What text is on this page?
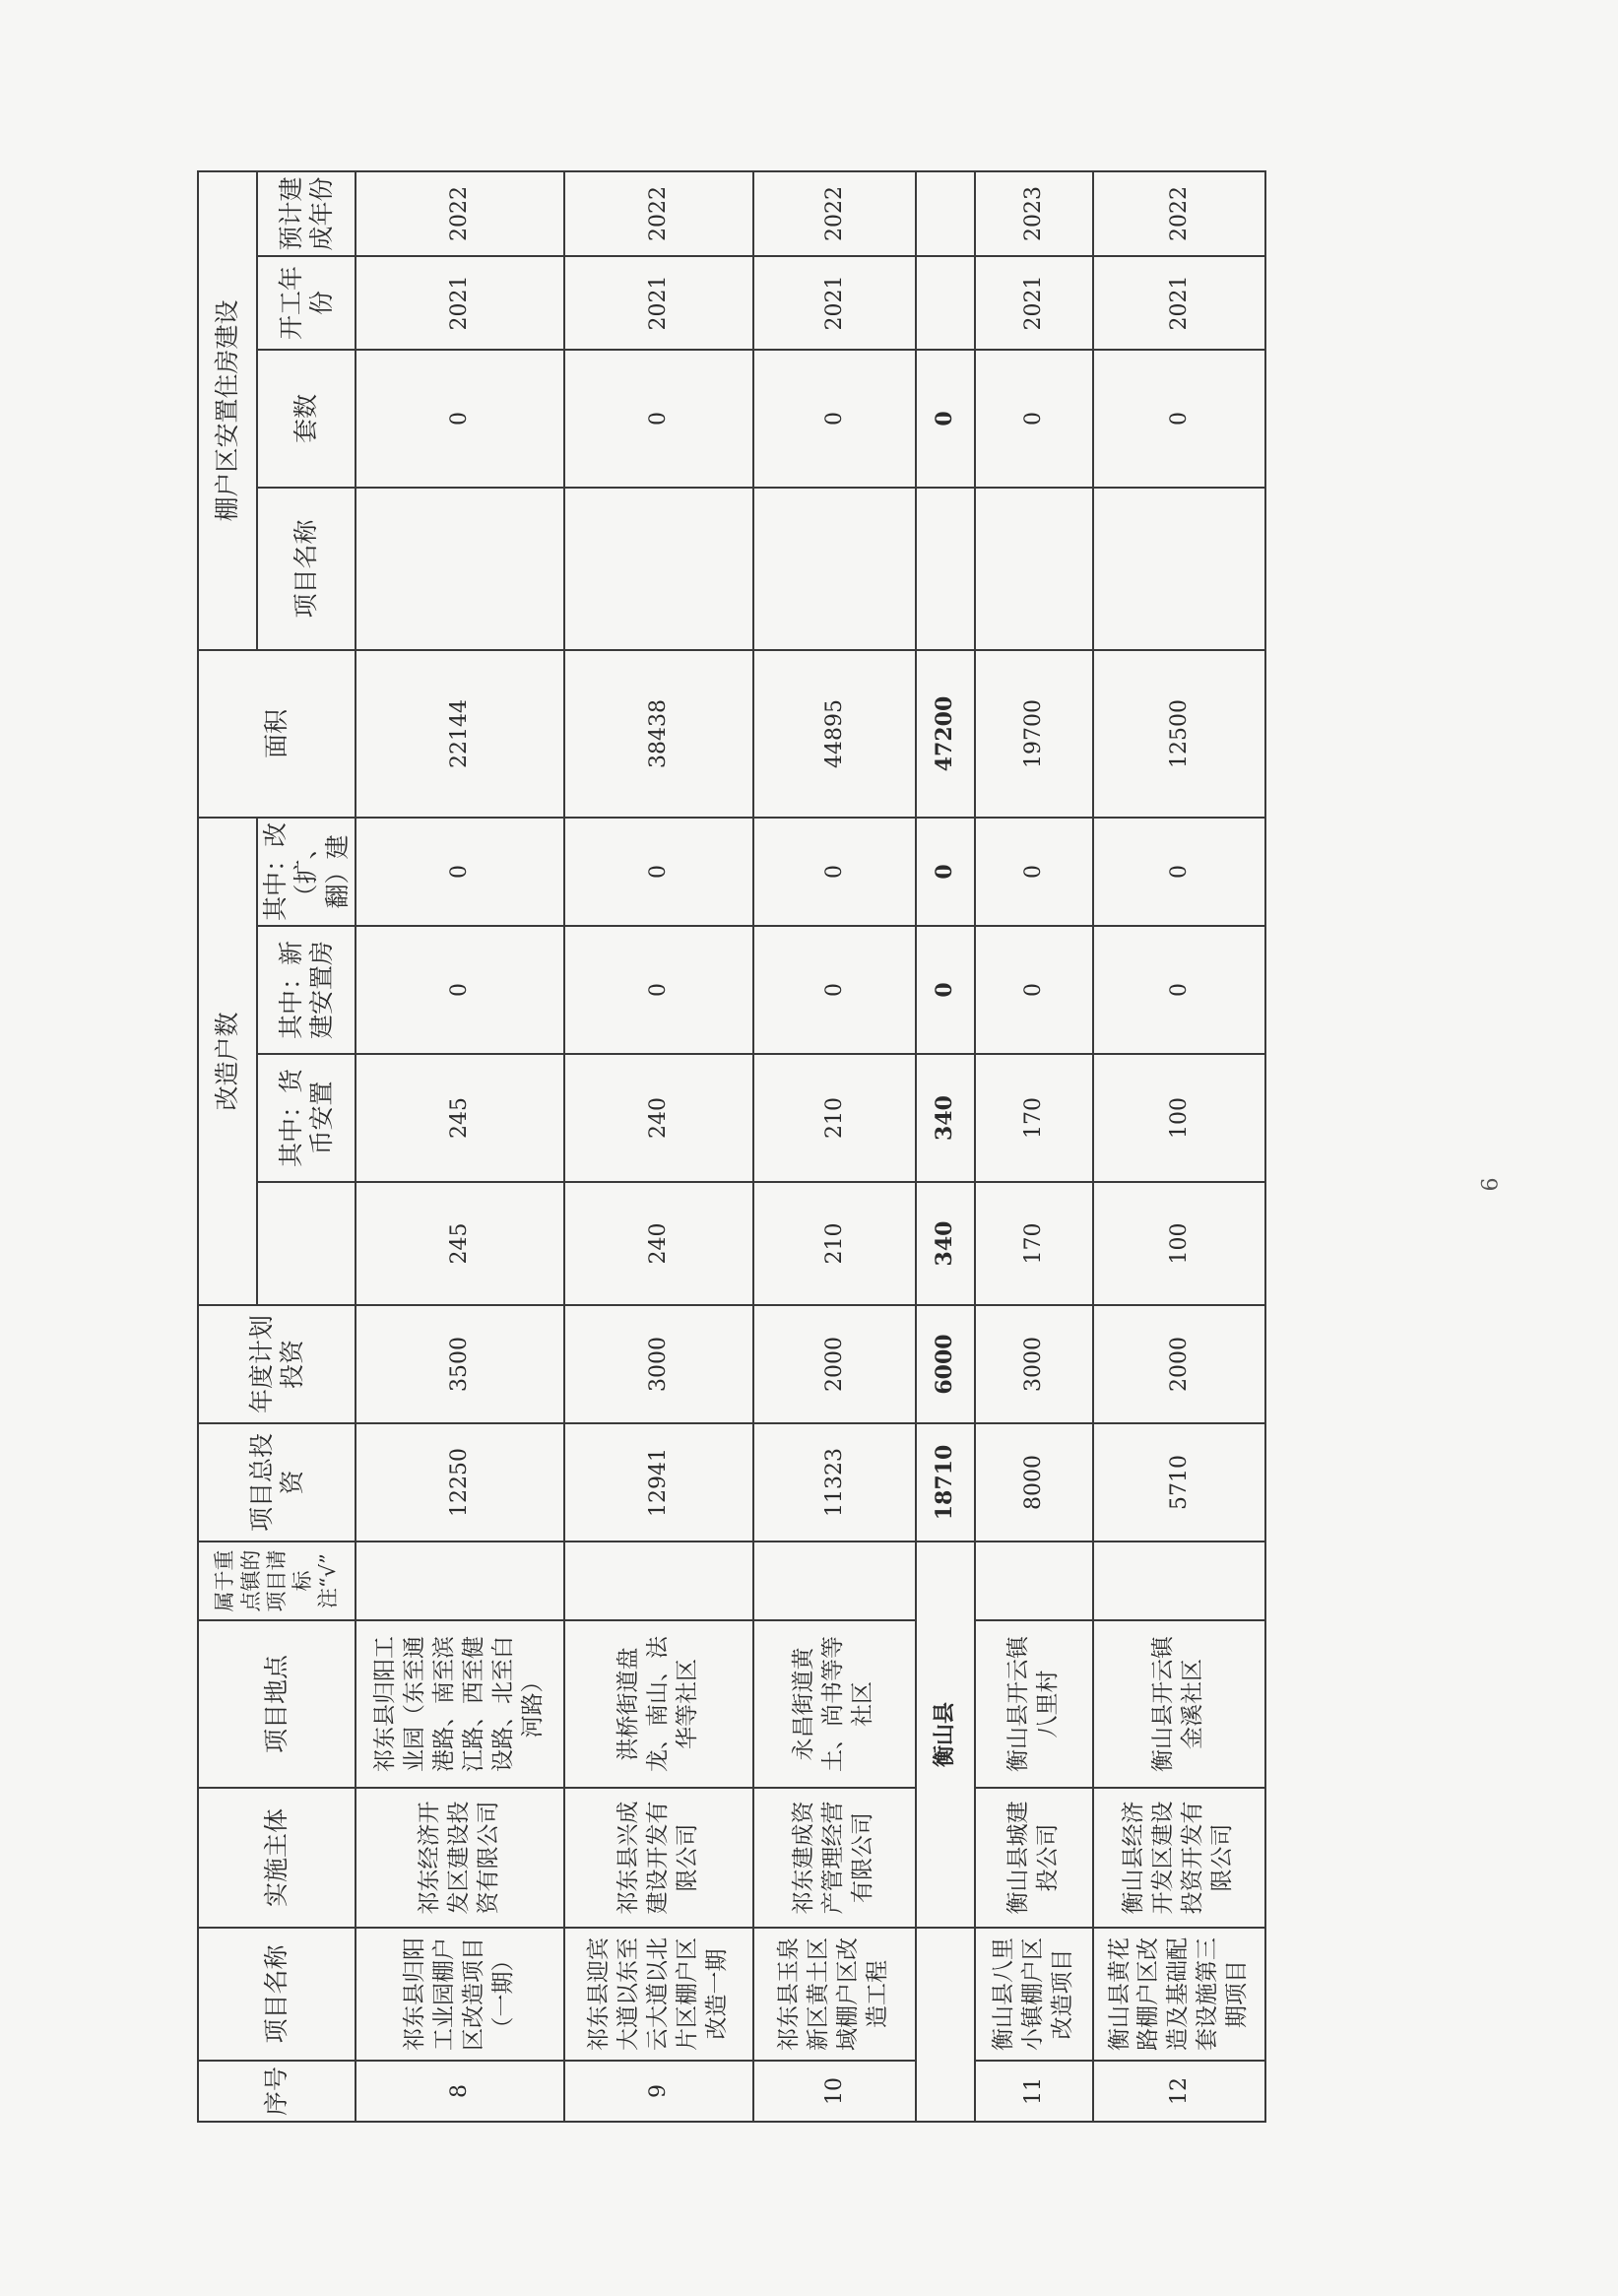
序号	项目名称	实施主体	项目地点	属于重点镇的项目请标注“√”	项目总投资	年度计划投资	改造户数				面积	棚户区安置住房建设			
								其中：货币安置	其中：新建安置房	其中：改（扩、翻）建		项目名称	套数	开工年份	预计建成年份
8	祁东县归阳工业园棚户区改造项目（一期）	祁东经济开发区建设投资有限公司	祁东县归阳工业园（东至通港路、南至滨江路、西至健设路、北至白河路）		12250	3500	245	245	0	0	22144		0	2021	2022
9	祁东县迎宾大道以东至云大道以北片区棚户区改造一期	祁东县兴成建设开发有限公司	洪桥街道盘龙、南山、法华等社区		12941	3000	240	240	0	0	38438		0	2021	2022
10	祁东县玉泉新区黄土区域棚户区改造工程	祁东建成资产管理经营有限公司	永昌街道黄土、尚书等等社区		11323	2000	210	210	0	0	44895		0	2021	2022
		衡山县			18710	6000	340	340	0	0	47200		0		
11	衡山县八里小镇棚户区改造项目	衡山县城建投公司	衡山县开云镇八里村		8000	3000	170	170	0	0	19700		0	2021	2023
12	衡山县黄花路棚户区改造及基础配套设施第三期项目	衡山县经济开发区建设投资开发有限公司	衡山县开云镇金溪社区		5710	2000	100	100	0	0	12500		0	2021	2022
6
